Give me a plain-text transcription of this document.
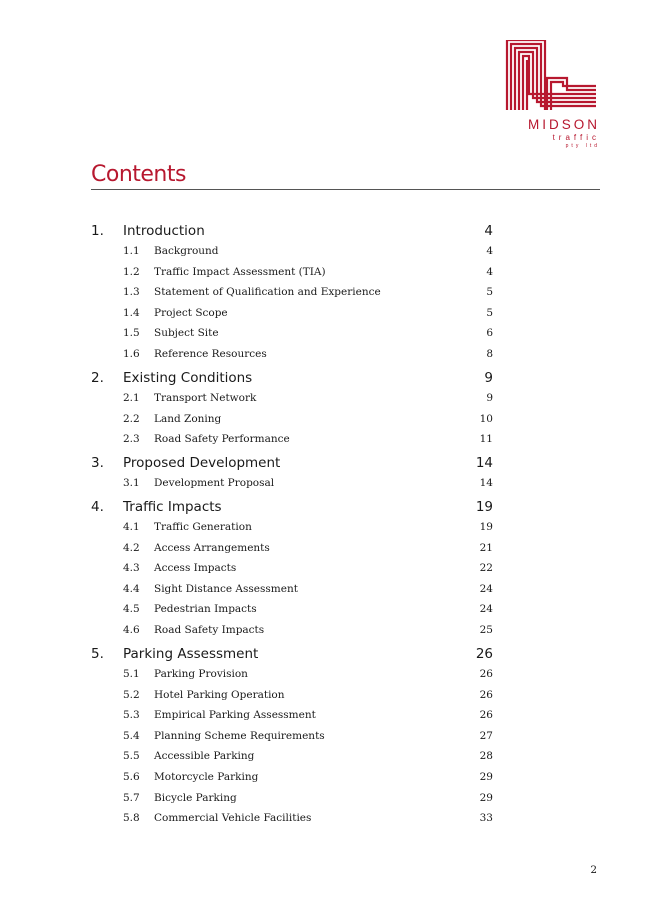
MIDSON
traffic
pty ltd
Contents
1. Introduction	4
1.1 Background	4
1.2 Traffic Impact Assessment (TIA)	4
1.3 Statement of Qualification and Experience	5
1.4 Project Scope	5
1.5 Subject Site	6
1.6 Reference Resources	8
2. Existing Conditions	9
2.1 Transport Network	9
2.2 Land Zoning	10
2.3 Road Safety Performance	11
3. Proposed Development	14
3.1 Development Proposal	14
4. Traffic Impacts	19
4.1 Traffic Generation	19
4.2 Access Arrangements	21
4.3 Access Impacts	22
4.4 Sight Distance Assessment	24
4.5 Pedestrian Impacts	24
4.6 Road Safety Impacts	25
5. Parking Assessment	26
5.1 Parking Provision	26
5.2 Hotel Parking Operation	26
5.3 Empirical Parking Assessment	26
5.4 Planning Scheme Requirements	27
5.5 Accessible Parking	28
5.6 Motorcycle Parking	29
5.7 Bicycle Parking	29
5.8 Commercial Vehicle Facilities	33
2
